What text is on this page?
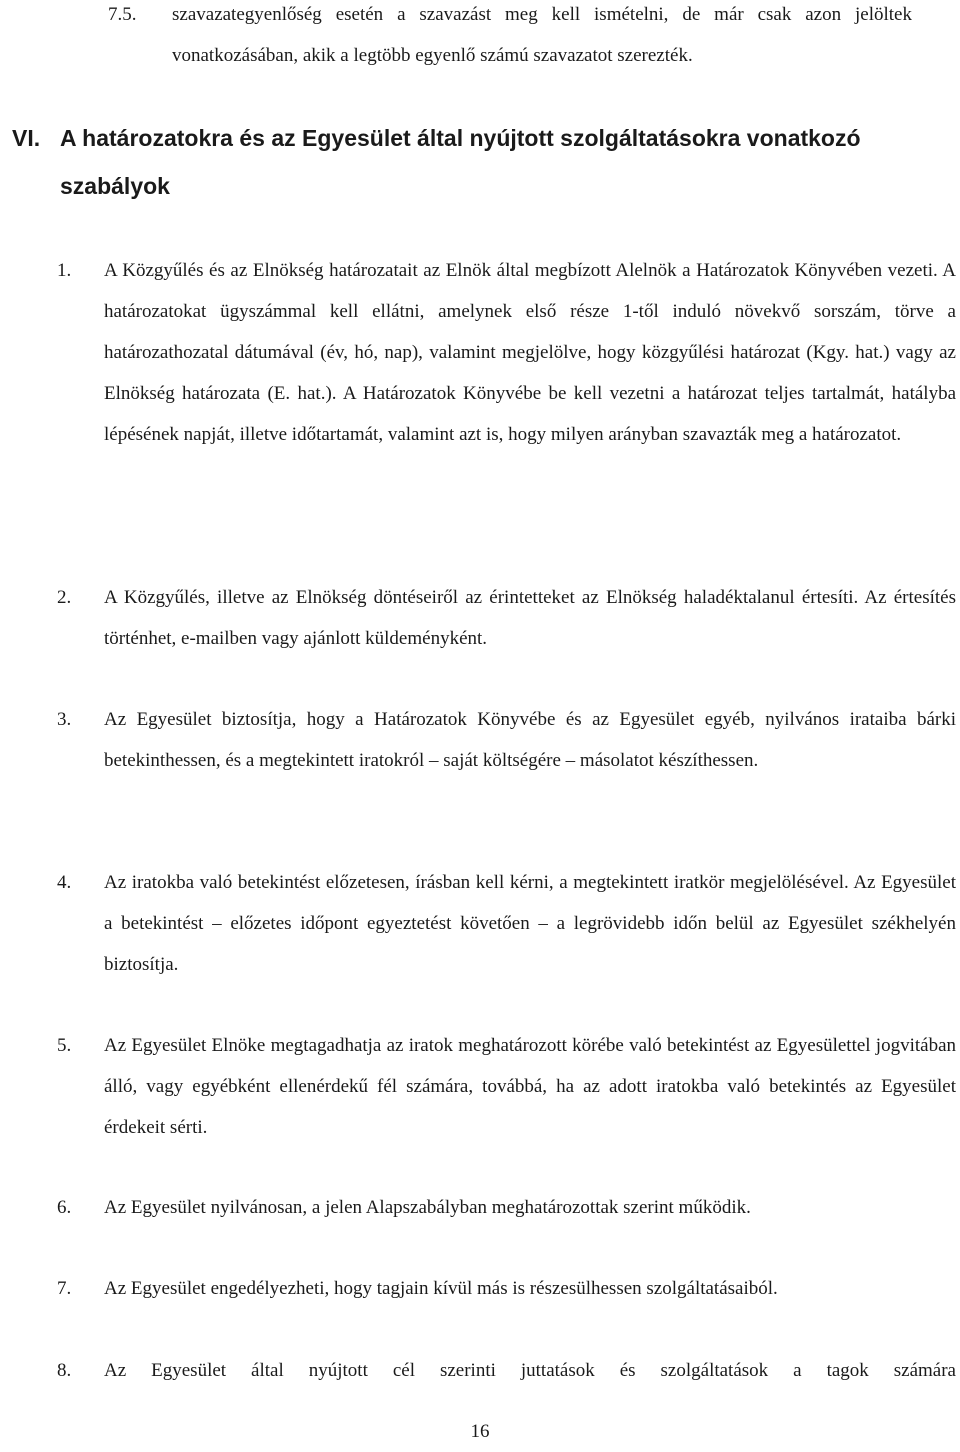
7.5. szavazategyenlőség esetén a szavazást meg kell ismételni, de már csak azon jelöltek vonatkozásában, akik a legtöbb egyenlő számú szavazatot szerezték.
VI. A határozatokra és az Egyesület által nyújtott szolgáltatásokra vonatkozó szabályok
1. A Közgyűlés és az Elnökség határozatait az Elnök által megbízott Alelnök a Határozatok Könyvében vezeti. A határozatokat ügyszámmal kell ellátni, amelynek első része 1-től induló növekvő sorszám, törve a határozathozatal dátumával (év, hó, nap), valamint megjelölve, hogy közgyűlési határozat (Kgy. hat.) vagy az Elnökség határozata (E. hat.). A Határozatok Könyvébe be kell vezetni a határozat teljes tartalmát, hatályba lépésének napját, illetve időtartamát, valamint azt is, hogy milyen arányban szavazták meg a határozatot.
2. A Közgyűlés, illetve az Elnökség döntéseiről az érintetteket az Elnökség haladéktalanul értesíti. Az értesítés történhet, e-mailben vagy ajánlott küldeményként.
3. Az Egyesület biztosítja, hogy a Határozatok Könyvébe és az Egyesület egyéb, nyilvános irataiba bárki betekinthessen, és a megtekintett iratokról – saját költségére – másolatot készíthessen.
4. Az iratokba való betekintést előzetesen, írásban kell kérni, a megtekintett iratkör megjelölésével. Az Egyesület a betekintést – előzetes időpont egyeztetést követően – a legrövidebb időn belül az Egyesület székhelyén biztosítja.
5. Az Egyesület Elnöke megtagadhatja az iratok meghatározott körébe való betekintést az Egyesülettel jogvitában álló, vagy egyébként ellenérdekű fél számára, továbbá, ha az adott iratokba való betekintés az Egyesület érdekeit sérti.
6. Az Egyesület nyilvánosan, a jelen Alapszabályban meghatározottak szerint működik.
7. Az Egyesület engedélyezheti, hogy tagjain kívül más is részesülhessen szolgáltatásaiból.
8. Az Egyesület által nyújtott cél szerinti juttatások és szolgáltatások a tagok számára
16
